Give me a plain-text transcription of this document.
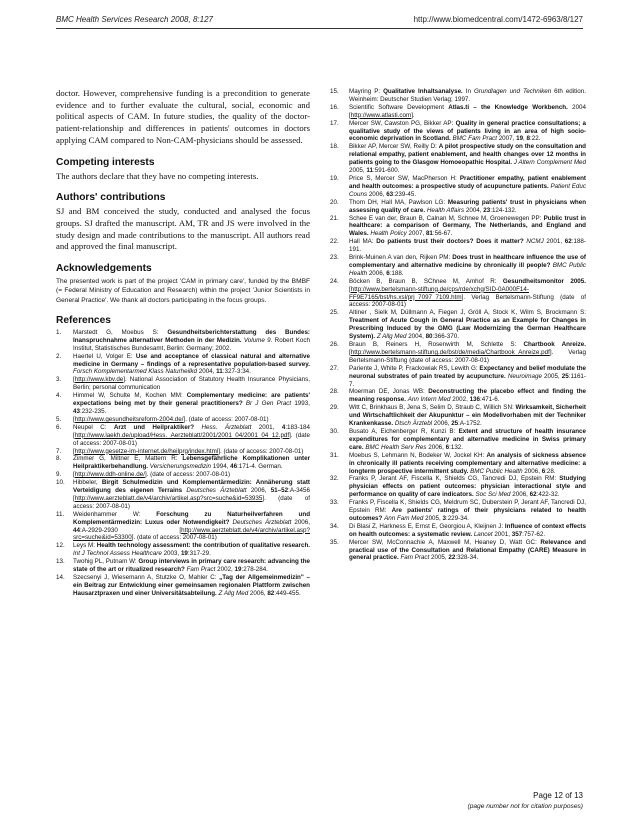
BMC Health Services Research 2008, 8:127	http://www.biomedcentral.com/1472-6963/8/127

doctor. However, comprehensive funding is a precondition to generate evidence and to further evaluate the cultural, social, economic and political aspects of CAM. In future studies, the quality of the doctor-patient-relationship and differences in patients' outcomes in doctors applying CAM compared to Non-CAM-physicians should be assessed.

Competing interests

The authors declare that they have no competing interests.

Authors' contributions

SJ and BM conceived the study, conducted and analysed the focus groups. SJ drafted the manuscript. AM, TR and JS were involved in the study design and made contributions to the manuscript. All authors read and approved the final manuscript.

Acknowledgements

The presented work is part of the project 'CAM in primary care', funded by the BMBF (= Federal Ministry of Education and Research) within the project 'Junior Scientists in General Practice'. We thank all doctors participating in the focus groups.

References
1.	Marstedt G, Moebus S: Gesundheitsberichterstattung des Bundes: Inanspruchnahme alternativer Methoden in der Medizin. Volume 9. Robert Koch Institut, Statistisches Bundesamt, Berlin: Germany; 2002.
2.	Haertel U, Volger E: Use and acceptance of classical natural and alternative medicine in Germany – findings of a representative population-based survey. Forsch Komplementarmed Klass Naturheilkd 2004, 11:327-3:34.
3.	[http://www.kbv.de]. National Association of Statutory Health Insurance Physicians, Berlin; personal communication
4.	Himmel W, Schulte M, Kochen MM: Complementary medicine: are patients' expectations being met by their general practitioners? Br J Gen Pract 1993, 43:232-235.
5.	[http://www.gesundheitsreform-2004.de/]. (date of access: 2007-08-01)
6.	Neupel C: Arzt und Heilpraktiker? Hess. Ärzteblatt 2001, 4:183-184 [http://www.laekh.de/upload/Hess._Aerzteblatt/2001/2001_04/2001_04_12.pdf]. (date of access: 2007-08-01)
7.	[http://www.gesetze-im-internet.de/heilprg/index.html]. (date of access: 2007-08-01)
8.	Zimmer G, Miltner E, Mattern R: Lebensgefährliche Komplikationen unter Heilpraktikerbehandlung. Versicherungsmedizin 1994, 46:171-4. German.
9.	[http://www.ddh-online.de/]. (date of access: 2007-08-01)
10.	Hibbeler, Birgit Schulmedizin und Komplementärmedizin: Annäherung statt Verteidigung des eigenen Terrains Deutsches Ärzteblatt 2006, 51–52:A-3456 [http://www.aerzteblatt.de/v4/archiv/artikel.asp?src=suche&id=53935]. (date of access: 2007-08-01)
11.	Weidenhammer W: Forschung zu Naturheilverfahren und Komplementärmedizin: Luxus oder Notwendigkeit? Deutsches Ärzteblatt 2006, 44:A-2929-2930 [http://www.aerzteblatt.de/v4/archiv/artikel.asp?src=suche&id=53300]. (date of access: 2007-08-01)
12.	Leys M: Health technology assessment: the contribution of qualitative research. Int J Technol Assess Healthcare 2003, 19:317-29.
13.	Twohig PL, Putnam W: Group interviews in primary care research: advancing the state of the art or ritualized research? Fam Pract 2002, 19:278-284.
14.	Szecsenyi J, Wiesemann A, Stutzke O, Mahler C: „Tag der Allgemeinmedizin" – ein Beitrag zur Entwicklung einer gemeinsamen regionalen Plattform zwischen Hausarztpraxen und einer Universitätsabteilung. Z Allg Med 2006, 82:449-455.
15.	Mayring P: Qualitative Inhaltsanalyse. In Grundlagen und Techniken 6th edition. Weinheim: Deutscher Studien Verlag; 1997.
16.	Scientific Software Development Atlas.ti – the Knowledge Workbench. 2004 [http://www.atlasti.com].
17.	Mercer SW, Cawston PG, Bikker AP: Quality in general practice consultations; a qualitative study of the views of patients living in an area of high socio-economic deprivation in Scotland. BMC Fam Pract 2007, 19, 8:22.
18.	Bikker AP, Mercer SW, Reilly D: A pilot prospective study on the consultation and relational empathy, patient enablement, and health changes over 12 months in patients going to the Glasgow Homoeopathic Hospital. J Altern Complement Med 2005, 11:591-600.
19.	Price S, Mercer SW, MacPherson H: Practitioner empathy, patient enablement and health outcomes: a prospective study of acupuncture patients. Patient Educ Couns 2006, 63:239-45.
20.	Thom DH, Hall MA, Pawlson LG: Measuring patients' trust in physicians when assessing quality of care. Health Affairs 2004, 23:124-132.
21.	Schee E van der, Braun B, Calnan M, Schnee M, Groenewegen PP: Public trust in healthcare: a comparison of Germany, The Netherlands, and England and Wales. Health Policy 2007, 81:56-67.
22.	Hall MA: Do patients trust their doctors? Does it matter? NCMJ 2001, 62:188-191.
23.	Brink-Muinen A van den, Rijken PM: Does trust in healthcare influence the use of complementary and alternative medicine by chronically ill people? BMC Public Health 2006, 6:188.
24.	Böcken B, Braun B, SChnee M, Amhof R: Gesundheitsmonitor 2005. [http://www.bertelsmann-stiftung.de/cps/rde/xchg/SID-0A000F14-FF9E7165/bst/hs.xsl/prj_7097_7109.htm]. Verlag Bertelsmann-Stiftung (date of access: 2007-08-01)
25.	Altiner , Sielk M, Düllmann A, Fiegen J, Gröll A, Stock K, Wilm S, Brockmann S: Treatment of Acute Cough in General Practice as an Example for Changes in Prescribing Induced by the GMG (Law Modernizing the German Healthcare System). Z Allg Med 2004, 80:366-370.
26.	Braun B, Reiners H, Rosenwirth M, Schlette S: Chartbook Anreize. [http://www.bertelsmann-stiftung.de/bst/de/media/Chartbook_Anreize.pdf]. Verlag Bertelsmann-Stiftung (date of access: 2007-08-01)
27.	Pariente J, White P, Frackowiak RS, Lewith G: Expectancy and belief modulate the neuronal substrates of pain treated by acupuncture. Neuroimage 2005, 25:1161-7.
28.	Moerman DE, Jonas WB: Deconstructing the placebo effect and finding the meaning response. Ann Intern Med 2002, 136:471-6.
29.	Witt C, Brinkhaus B, Jena S, Selim D, Straub C, Willich SN: Wirksamkeit, Sicherheit und Wirtschaftlichkeit der Akupunktur – ein Modellvorhaben mit der Techniker Krankenkasse. Dtsch Ärztebl 2006, 25:A-1752.
30.	Busato A, Eichenberger R, Kunzi B: Extent and structure of health insurance expenditures for complementary and alternative medicine in Swiss primary care. BMC Health Serv Res 2006, 6:132.
31.	Moebus S, Lehmann N, Bodeker W, Jockel KH: An analysis of sickness absence in chronically ill patients receiving complementary and alternative medicine: a longterm prospective intermittent study. BMC Public Health 2006, 6:28.
32.	Franks P, Jerant AF, Fiscella K, Shields CG, Tancredi DJ, Epstein RM: Studying physician effects on patient outcomes: physician interactional style and performance on quality of care indicators. Soc Sci Med 2006, 62:422-32.
33.	Franks P, Fiscella K, Shields CG, Meldrum SC, Duberstein P, Jerant AF, Tancredi DJ, Epstein RM: Are patients' ratings of their physicians related to health outcomes? Ann Fam Med 2005, 3:229-34.
34.	Di Blasi Z, Harkness E, Ernst E, Georgiou A, Kleijnen J: Influence of context effects on health outcomes: a systematic review. Lancet 2001, 357:757-62.
35.	Mercer SW, McConnachie A, Maxwell M, Heaney D, Watt GC: Relevance and practical use of the Consultation and Relational Empathy (CARE) Measure in general practice. Fam Pract 2005, 22:328-34.
Page 12 of 13
(page number not for citation purposes)
